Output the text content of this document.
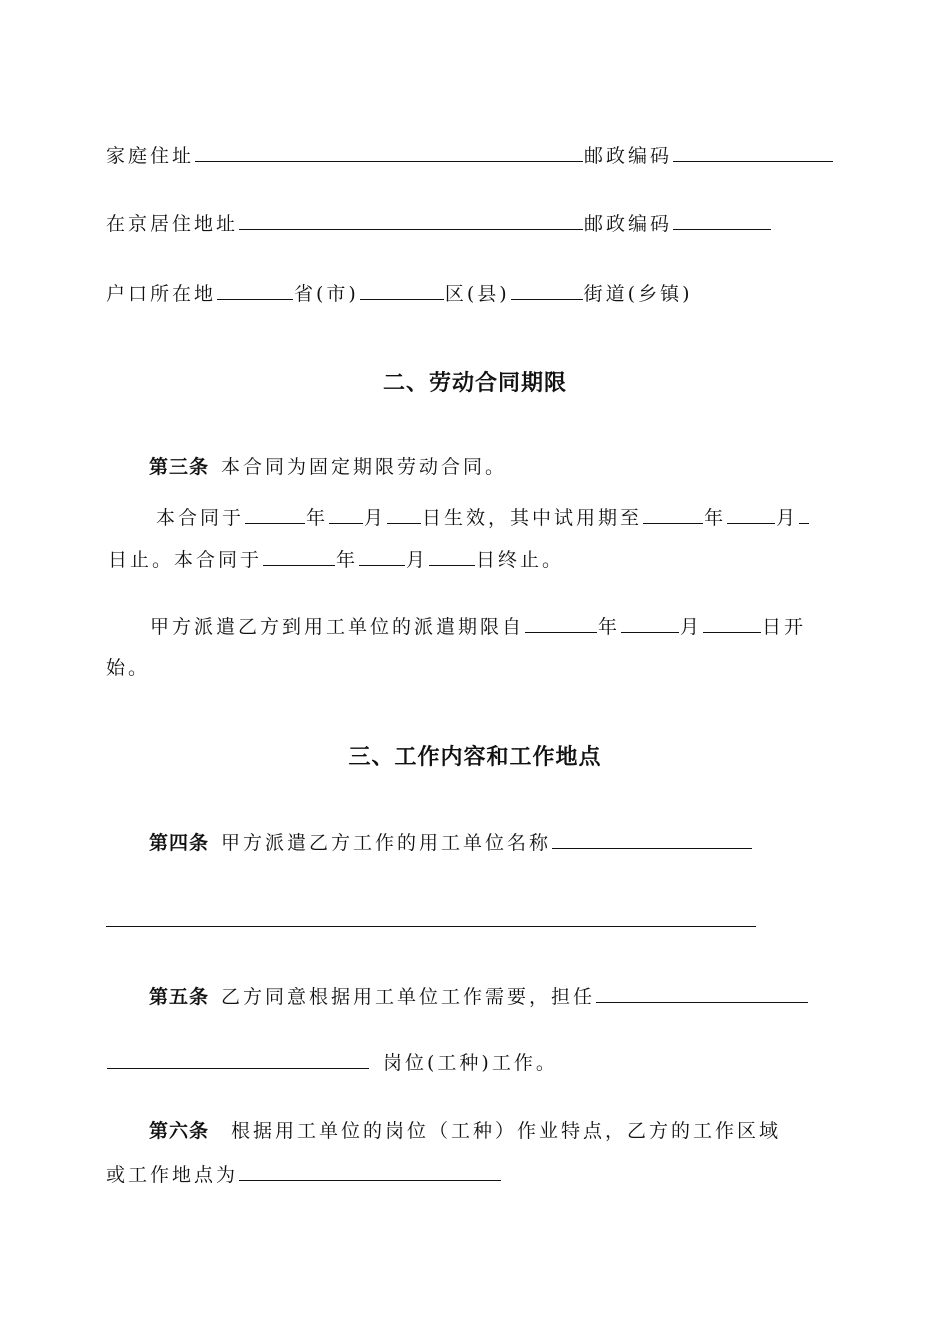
家庭住址	邮政编码
在京居住地址	邮政编码
户口所在地	省(市)	区(县)	街道(乡镇)
二、劳动合同期限
第三条 本合同为固定期限劳动合同。
本合同于	年 月 日生效，其中试用期至	年	月
日止。本合同于	年	月	日终止。
甲方派遣乙方到用工单位的派遣期限自	年	月	日开
始。
三、工作内容和工作地点
第四条 甲方派遣乙方工作的用工单位名称
第五条 乙方同意根据用工单位工作需要，担任
岗位(工种)工作。
第六条 根据用工单位的岗位（工种）作业特点，乙方的工作区域
或工作地点为
